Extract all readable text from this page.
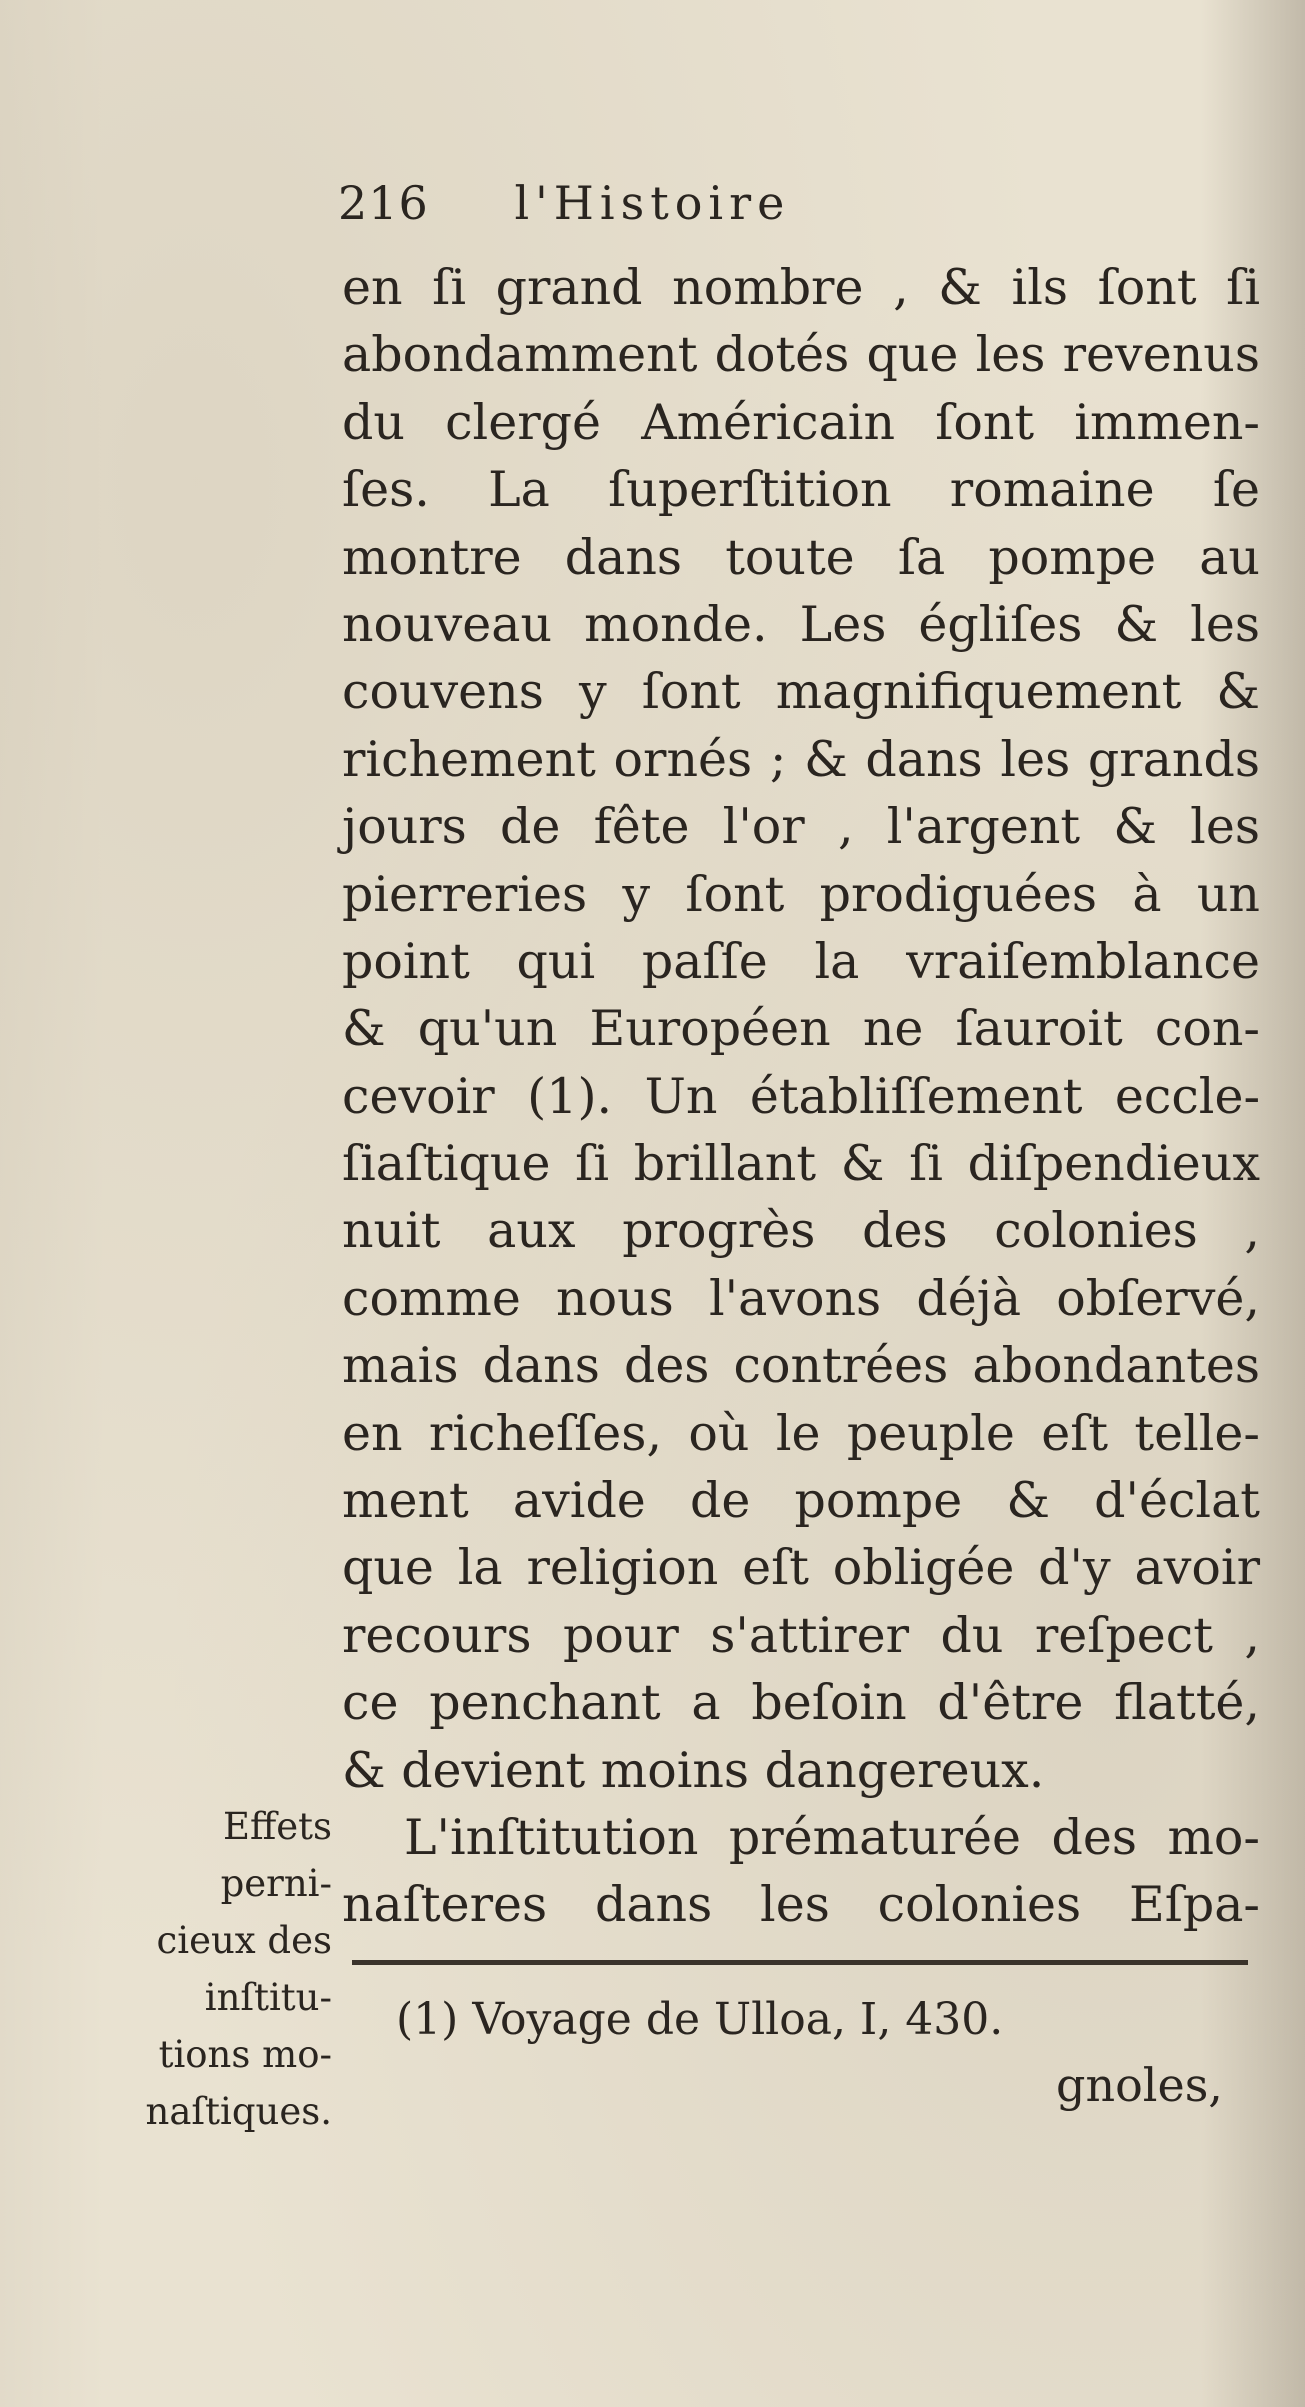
216 l'Histoire
en ſi grand nombre , & ils ſont ſi
abondamment dotés que les revenus
du clergé Américain ſont immen-
ſes. La ſuperſtition romaine ſe
montre dans toute ſa pompe au
nouveau monde. Les égliſes & les
couvens y ſont magnifiquement &
richement ornés ; & dans les grands
jours de fête l'or , l'argent & les
pierreries y ſont prodiguées à un
point qui paſſe la vraiſemblance
& qu'un Européen ne ſauroit con-
cevoir (1). Un établiſſement eccle-
ſiaſtique ſi brillant & ſi diſpendieux
nuit aux progrès des colonies ,
comme nous l'avons déjà obſervé,
mais dans des contrées abondantes
en richeſſes, où le peuple eſt telle-
ment avide de pompe & d'éclat
que la religion eſt obligée d'y avoir
recours pour s'attirer du reſpect ,
ce penchant a beſoin d'être flatté,
& devient moins dangereux.
L'inſtitution prématurée des mo-
naſteres dans les colonies Eſpa-
Effets
perni-
cieux des
inſtitu-
tions mo-
naſtiques.
(1) Voyage de Ulloa, I, 430.
gnoles,
